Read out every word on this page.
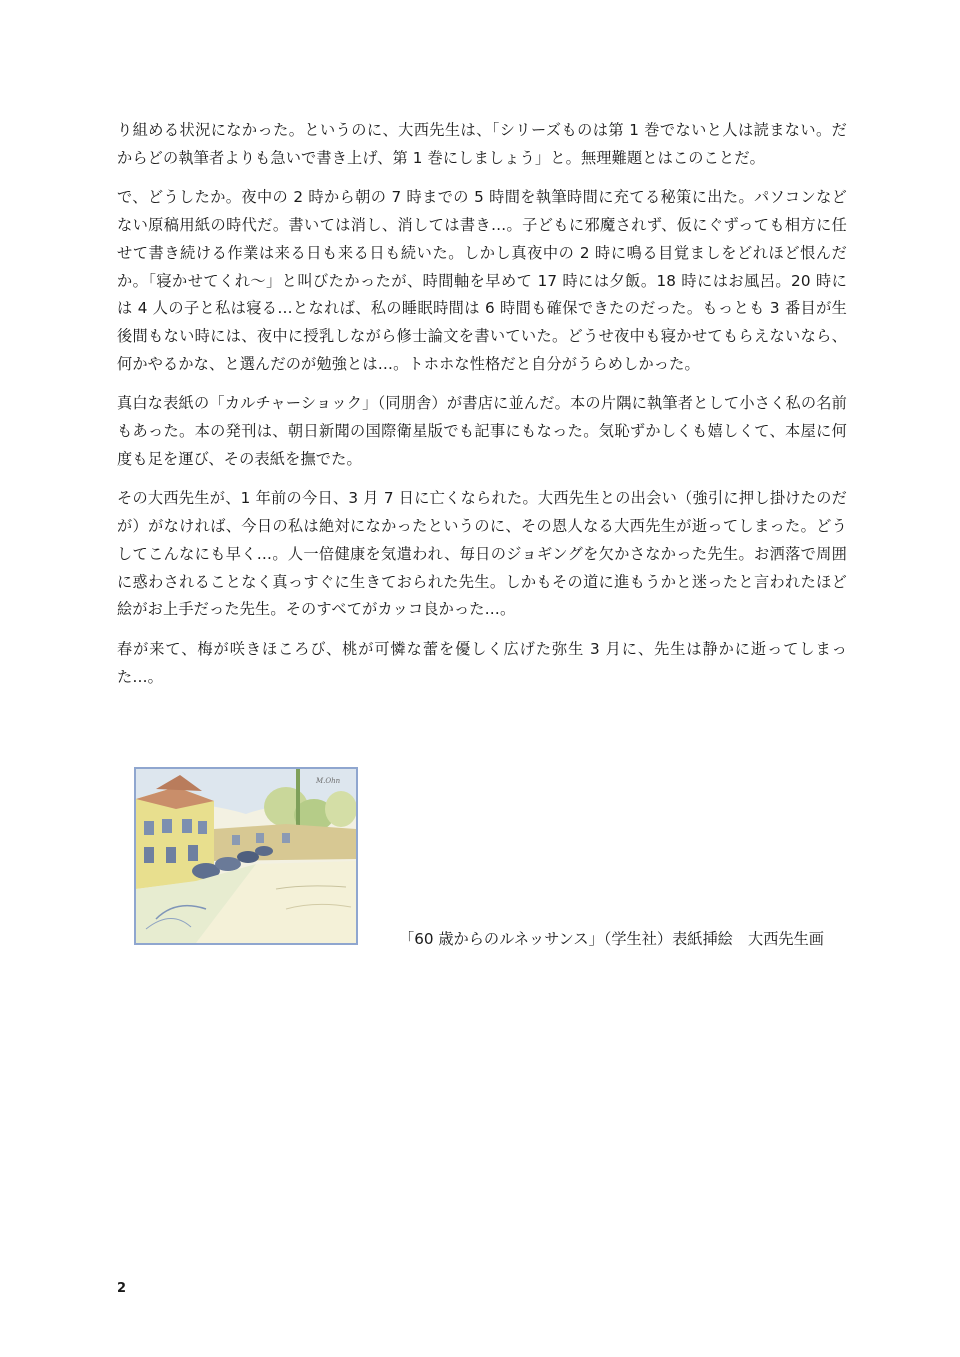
り組める状況になかった。というのに、大西先生は、「シリーズものは第 1 巻でないと人は読まない。だからどの執筆者よりも急いで書き上げ、第 1 巻にしましょう」と。無理難題とはこのことだ。

で、どうしたか。夜中の 2 時から朝の 7 時までの 5 時間を執筆時間に充てる秘策に出た。パソコンなどない原稿用紙の時代だ。書いては消し、消しては書き…。子どもに邪魔されず、仮にぐずっても相方に任せて書き続ける作業は来る日も来る日も続いた。しかし真夜中の 2 時に鳴る目覚ましをどれほど恨んだか。「寝かせてくれ～」と叫びたかったが、時間軸を早めて 17 時には夕飯。18 時にはお風呂。20 時には 4 人の子と私は寝る…となれば、私の睡眠時間は 6 時間も確保できたのだった。もっとも 3 番目が生後間もない時には、夜中に授乳しながら修士論文を書いていた。どうせ夜中も寝かせてもらえないなら、何かやるかな、と選んだのが勉強とは…。トホホな性格だと自分がうらめしかった。

真白な表紙の「カルチャーショック」（同朋舎）が書店に並んだ。本の片隅に執筆者として小さく私の名前もあった。本の発刊は、朝日新聞の国際衛星版でも記事にもなった。気恥ずかしくも嬉しくて、本屋に何度も足を運び、その表紙を撫でた。

その大西先生が、1 年前の今日、3 月 7 日に亡くなられた。大西先生との出会い（強引に押し掛けたのだが）がなければ、今日の私は絶対になかったというのに、その恩人なる大西先生が逝ってしまった。どうしてこんなにも早く…。人一倍健康を気遣われ、毎日のジョギングを欠かさなかった先生。お洒落で周囲に惑わされることなく真っすぐに生きておられた先生。しかもその道に進もうかと迷ったと言われたほど絵がお上手だった先生。そのすべてがカッコ良かった…。

春が来て、梅が咲きほころび、桃が可憐な蕾を優しく広げた弥生 3 月に、先生は静かに逝ってしまった…。

M.Ohn
「60 歳からのルネッサンス」（学生社）表紙挿絵　大西先生画
2
